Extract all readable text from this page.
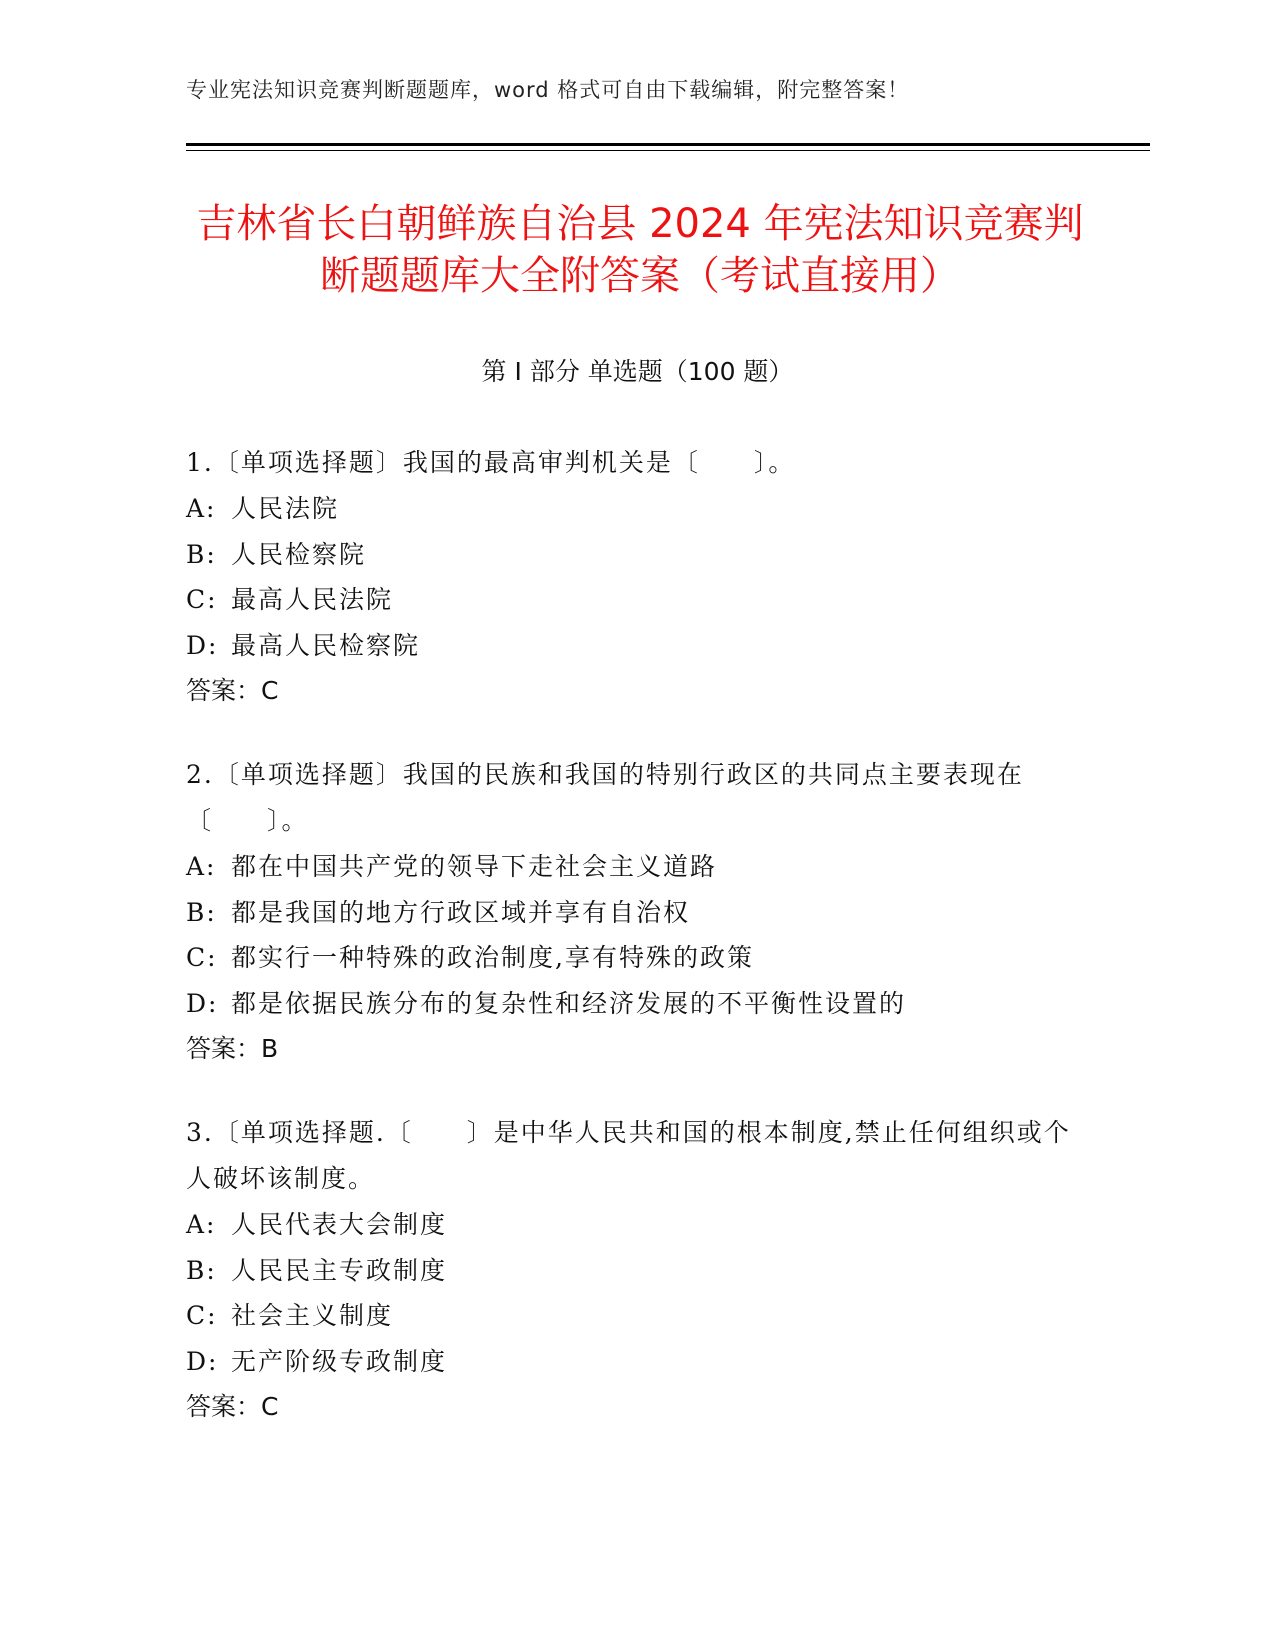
专业宪法知识竞赛判断题题库，word 格式可自由下载编辑，附完整答案！
吉林省长白朝鲜族自治县 2024 年宪法知识竞赛判断题题库大全附答案（考试直接用）
第 I 部分 单选题（100 题）

1.〔单项选择题〕我国的最高审判机关是〔　　〕。

A: 人民法院
B: 人民检察院
C: 最高人民法院
D: 最高人民检察院
答案：C

2.〔单项选择题〕我国的民族和我国的特别行政区的共同点主要表现在〔　　〕。

A: 都在中国共产党的领导下走社会主义道路
B: 都是我国的地方行政区域并享有自治权
C: 都实行一种特殊的政治制度,享有特殊的政策
D: 都是依据民族分布的复杂性和经济发展的不平衡性设置的
答案：B

3.〔单项选择题.〔　　〕是中华人民共和国的根本制度,禁止任何组织或个人破坏该制度。

A: 人民代表大会制度
B: 人民民主专政制度
C: 社会主义制度
D: 无产阶级专政制度
答案：C
